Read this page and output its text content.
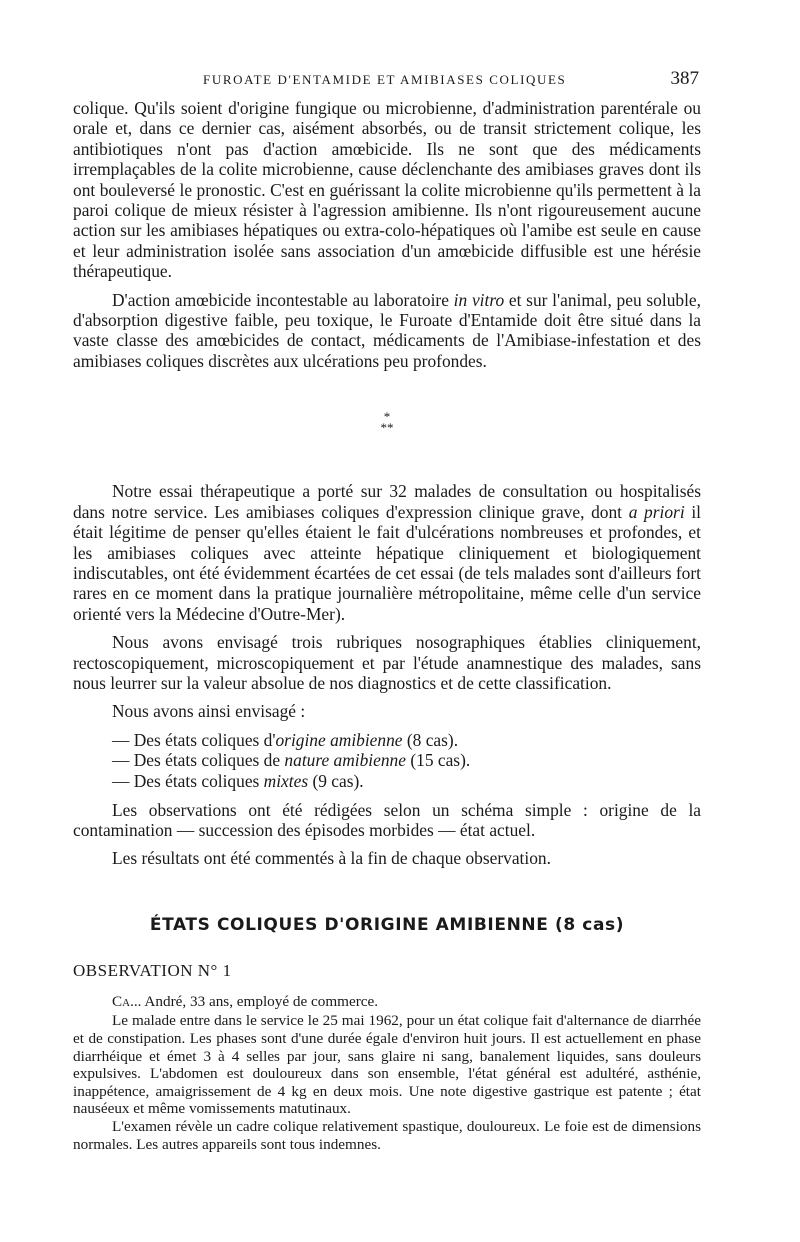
FUROATE D'ENTAMIDE ET AMIBIASES COLIQUES	387

colique. Qu'ils soient d'origine fungique ou microbienne, d'administration parentérale ou orale et, dans ce dernier cas, aisément absorbés, ou de transit strictement colique, les antibiotiques n'ont pas d'action amœbicide. Ils ne sont que des médicaments irremplaçables de la colite microbienne, cause déclenchante des amibiases graves dont ils ont bouleversé le pronostic. C'est en guérissant la colite microbienne qu'ils permettent à la paroi colique de mieux résister à l'agression amibienne. Ils n'ont rigoureusement aucune action sur les amibiases hépatiques ou extra-colo-hépatiques où l'amibe est seule en cause et leur administration isolée sans association d'un amœbicide diffusible est une hérésie thérapeutique.

D'action amœbicide incontestable au laboratoire in vitro et sur l'animal, peu soluble, d'absorption digestive faible, peu toxique, le Furoate d'Entamide doit être situé dans la vaste classe des amœbicides de contact, médicaments de l'Amibiase-infestation et des amibiases coliques discrètes aux ulcérations peu profondes.

*
**

Notre essai thérapeutique a porté sur 32 malades de consultation ou hospitalisés dans notre service. Les amibiases coliques d'expression clinique grave, dont a priori il était légitime de penser qu'elles étaient le fait d'ulcérations nombreuses et profondes, et les amibiases coliques avec atteinte hépatique cliniquement et biologiquement indiscutables, ont été évidemment écartées de cet essai (de tels malades sont d'ailleurs fort rares en ce moment dans la pratique journalière métropolitaine, même celle d'un service orienté vers la Médecine d'Outre-Mer).

Nous avons envisagé trois rubriques nosographiques établies cliniquement, rectoscopiquement, microscopiquement et par l'étude anamnestique des malades, sans nous leurrer sur la valeur absolue de nos diagnostics et de cette classification.

Nous avons ainsi envisagé :

— Des états coliques d'origine amibienne (8 cas).
— Des états coliques de nature amibienne (15 cas).
— Des états coliques mixtes (9 cas).

Les observations ont été rédigées selon un schéma simple : origine de la contamination — succession des épisodes morbides — état actuel.

Les résultats ont été commentés à la fin de chaque observation.

ÉTATS COLIQUES D'ORIGINE AMIBIENNE (8 cas)
OBSERVATION N° 1

Ca... André, 33 ans, employé de commerce.

Le malade entre dans le service le 25 mai 1962, pour un état colique fait d'alternance de diarrhée et de constipation. Les phases sont d'une durée égale d'environ huit jours. Il est actuellement en phase diarrhéique et émet 3 à 4 selles par jour, sans glaire ni sang, banalement liquides, sans douleurs expulsives. L'abdomen est douloureux dans son ensemble, l'état général est adultéré, asthénie, inappétence, amaigrissement de 4 kg en deux mois. Une note digestive gastrique est patente ; état nauséeux et même vomissements matutinaux.

L'examen révèle un cadre colique relativement spastique, douloureux. Le foie est de dimensions normales. Les autres appareils sont tous indemnes.
